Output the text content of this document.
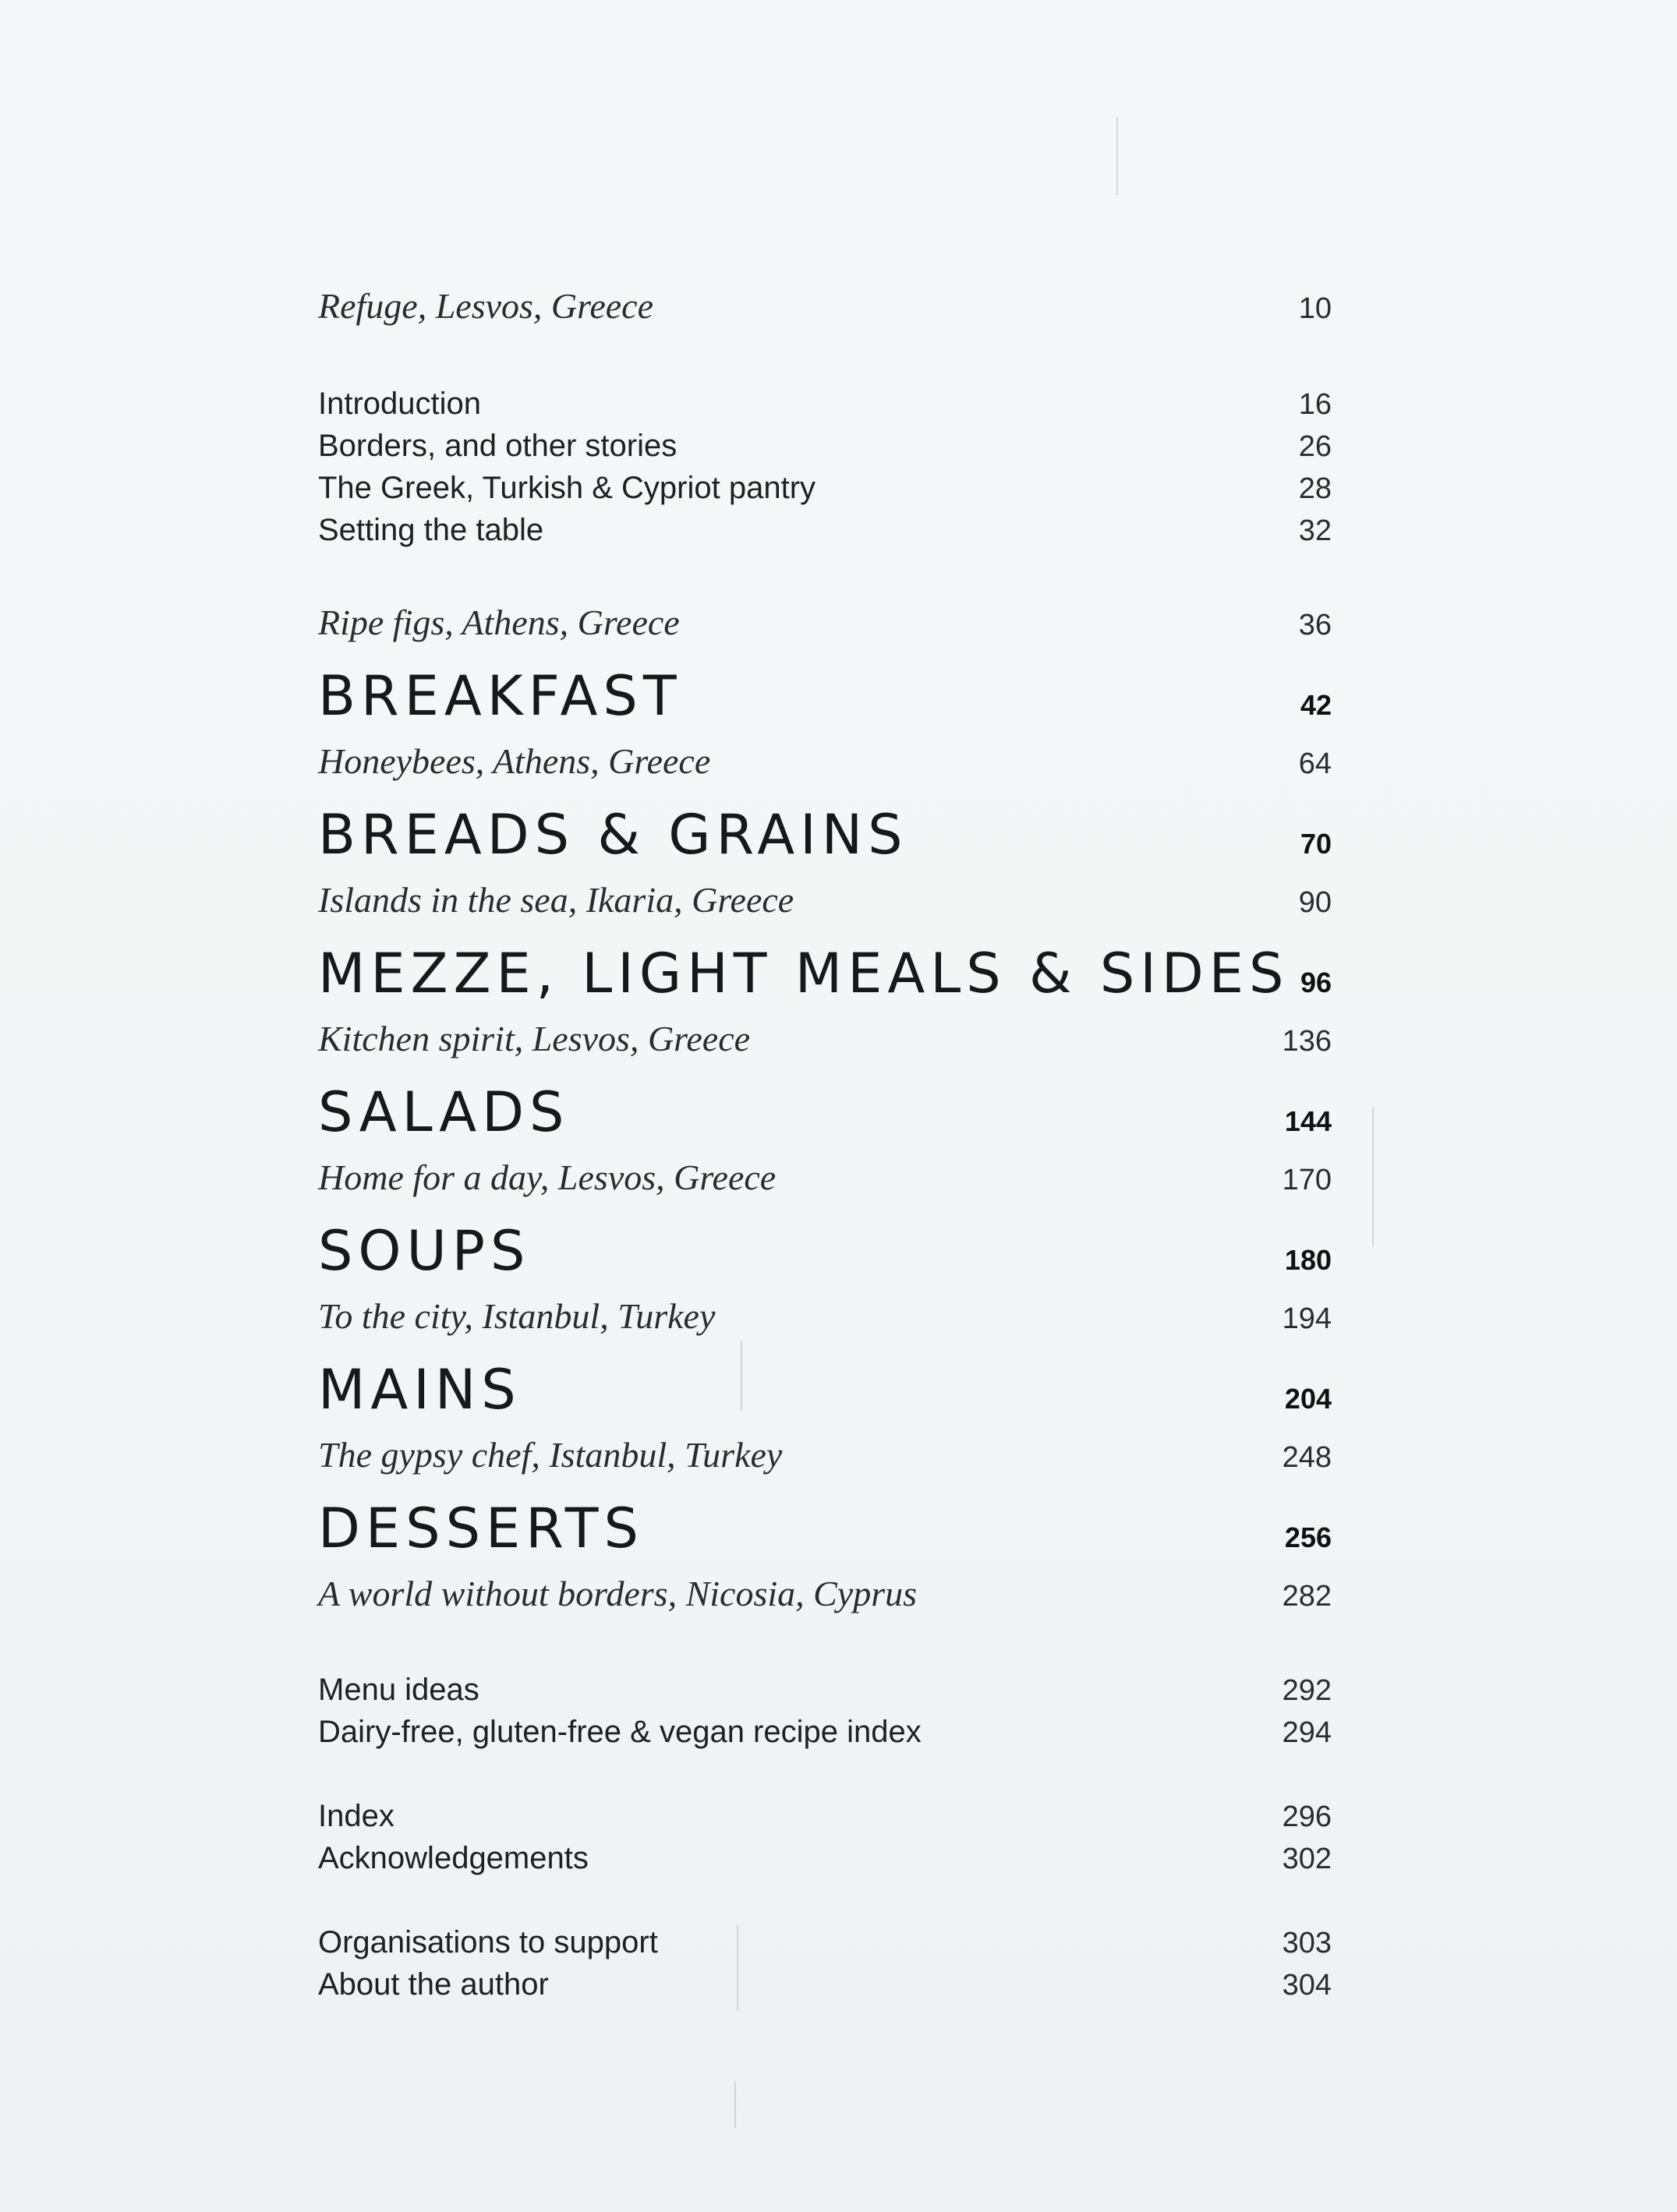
Refuge, Lesvos, Greece	10
Introduction	16
Borders, and other stories	26
The Greek, Turkish & Cypriot pantry	28
Setting the table	32
Ripe figs, Athens, Greece	36
BREAKFAST	42
Honeybees, Athens, Greece	64
BREADS & GRAINS	70
Islands in the sea, Ikaria, Greece	90
MEZZE, LIGHT MEALS & SIDES 96
Kitchen spirit, Lesvos, Greece	136
SALADS	144
Home for a day, Lesvos, Greece	170
SOUPS	180
To the city, Istanbul, Turkey	194
MAINS	204
The gypsy chef, Istanbul, Turkey	248
DESSERTS	256
A world without borders, Nicosia, Cyprus	282
Menu ideas	292
Dairy-free, gluten-free & vegan recipe index	294
Index	296
Acknowledgements	302
Organisations to support	303
About the author	304
